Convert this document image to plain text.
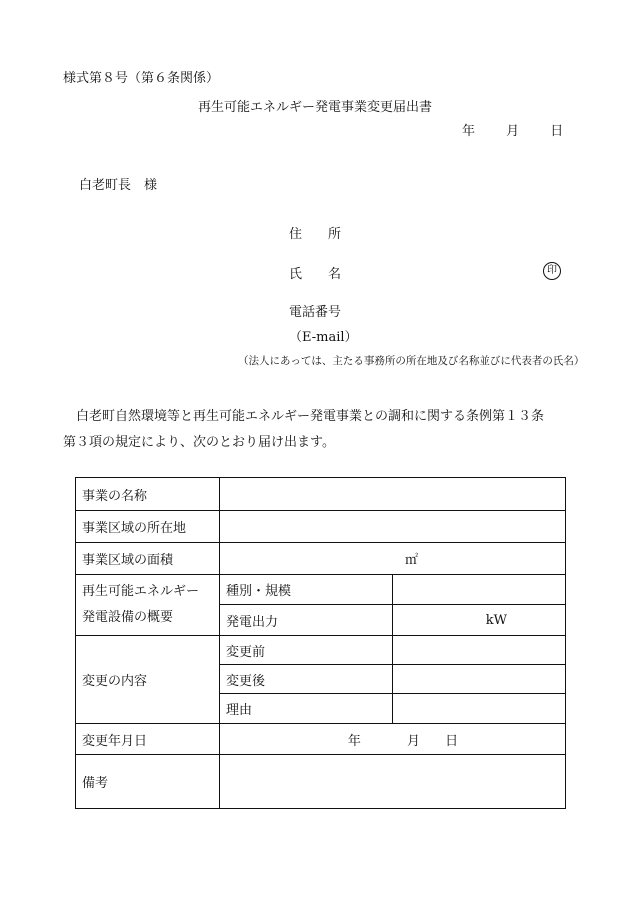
様式第８号（第６条関係）
再生可能エネルギー発電事業変更届出書
年 月 日
白老町長　様
住　　所
氏　　名	印
電話番号
（E-mail）
（法人にあっては、主たる事務所の所在地及び名称並びに代表者の氏名）
白老町自然環境等と再生可能エネルギー発電事業との調和に関する条例第１３条
第３項の規定により、次のとおり届け出ます。
事業の名称		
事業区域の所在地		
事業区域の面積	㎡	

再生可能エネルギー
発電設備の概要	種別・規模	
	発電出力	kW
変更の内容	変更前	
	変更後	
	理由	
変更年月日	年 月 日	
備考		
